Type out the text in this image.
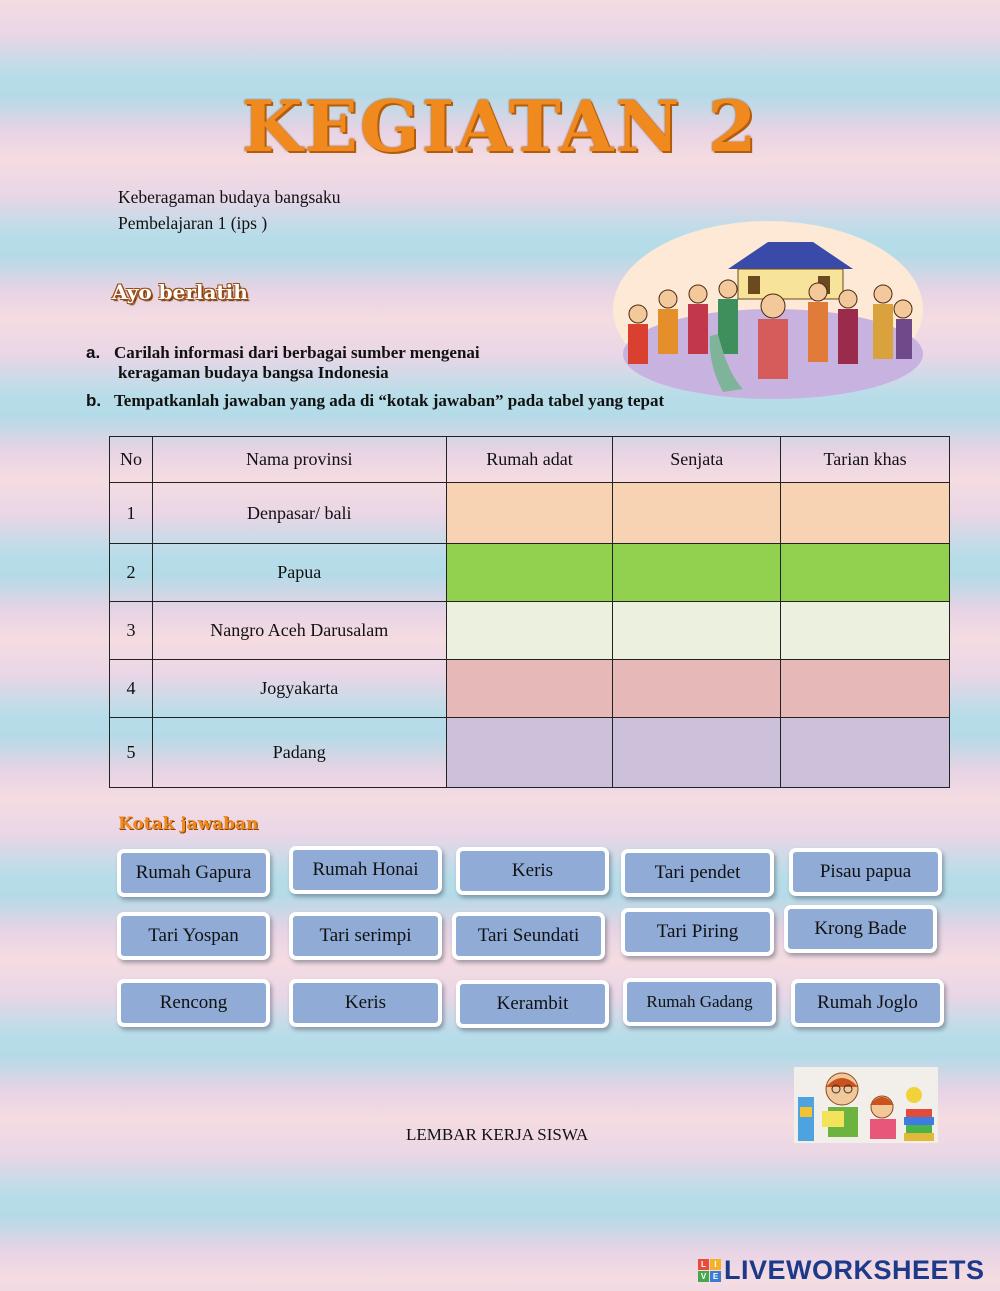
KEGIATAN 2
Keberagaman budaya bangsaku
Pembelajaran 1 (ips )
Ayo berlatih
a. Carilah informasi dari berbagai sumber mengenai
keragaman budaya bangsa Indonesia
b. Tempatkanlah jawaban yang ada di “kotak jawaban” pada tabel yang tepat
No	Nama provinsi	Rumah adat	Senjata	Tarian khas
1	Denpasar/ bali			
2	Papua			
3	Nangro Aceh Darusalam			
4	Jogyakarta			
5	Padang			
Kotak jawaban
Rumah Gapura	Rumah Honai	Keris	Tari pendet	Pisau papua
Tari Yospan	Tari serimpi	Tari Seundati	Tari Piring	Krong Bade
Rencong	Keris	Kerambit	Rumah Gadang	Rumah Joglo
LEMBAR KERJA SISWA
L	I
V E LIVEWORKSHEETS
